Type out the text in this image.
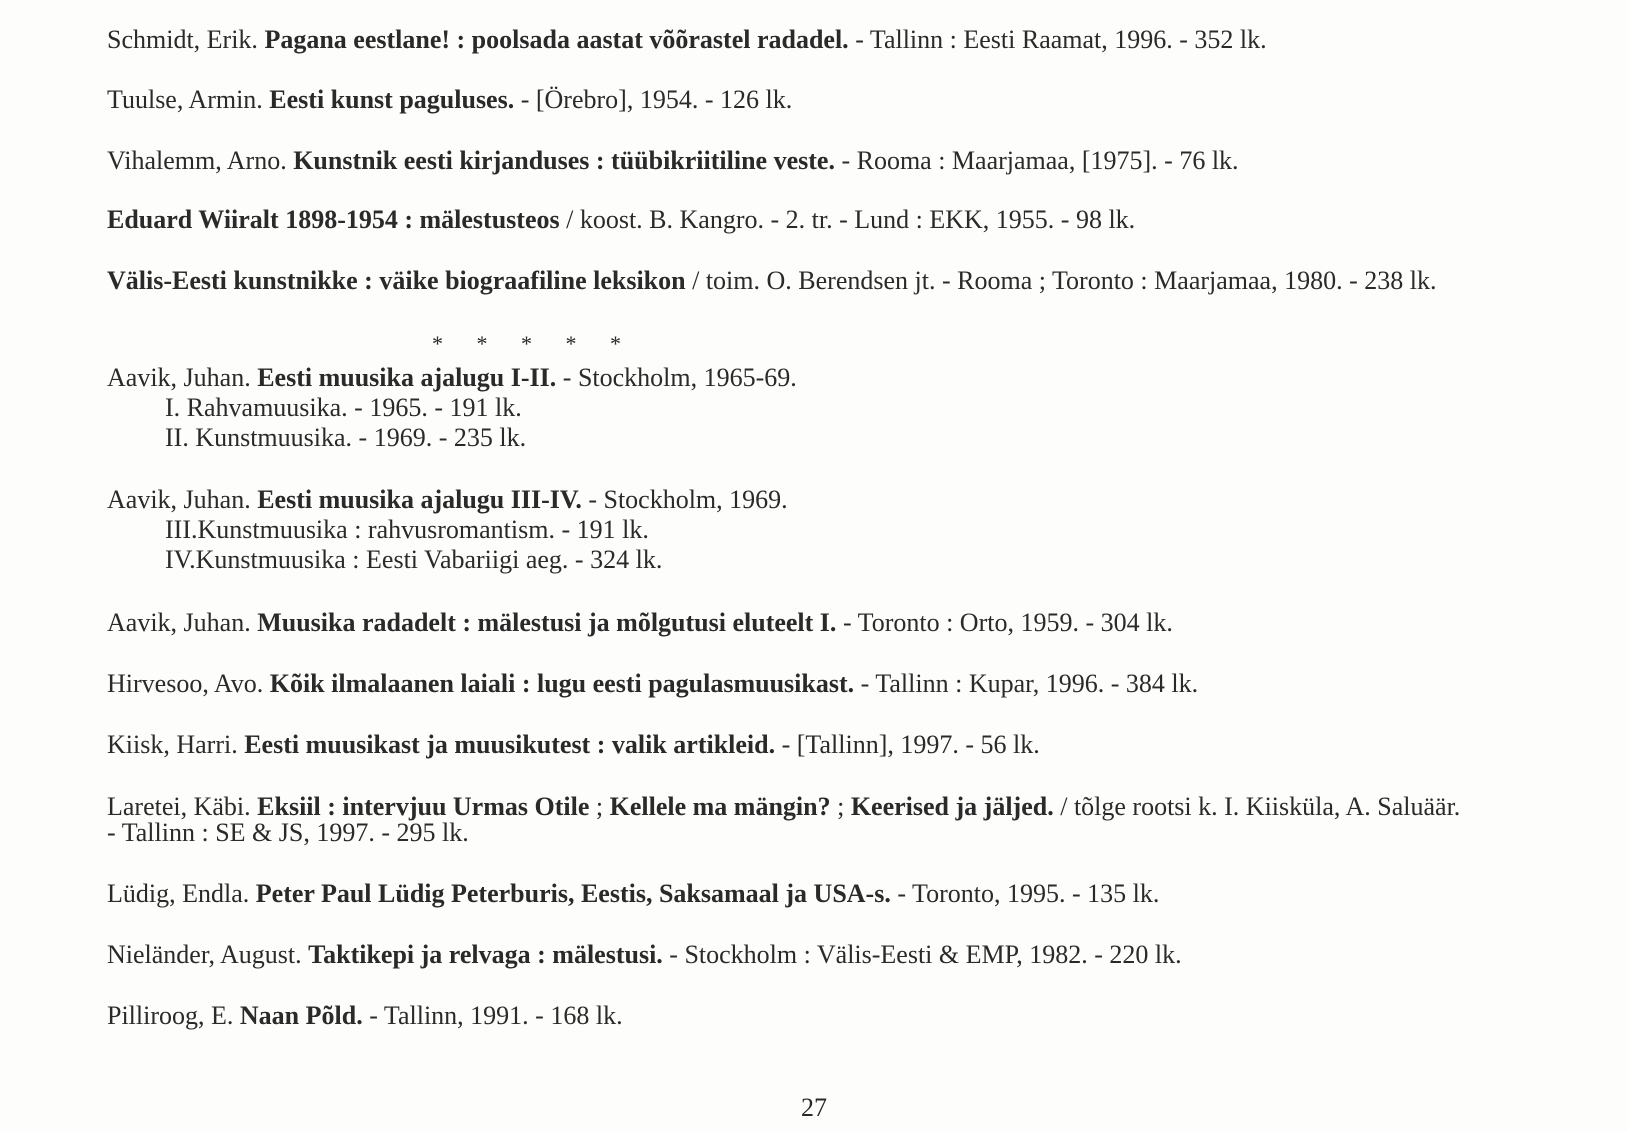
Schmidt, Erik. Pagana eestlane! : poolsada aastat võõrastel radadel. - Tallinn : Eesti Raamat, 1996. - 352 lk.
Tuulse, Armin. Eesti kunst paguluses. - [Örebro], 1954. - 126 lk.
Vihalemm, Arno. Kunstnik eesti kirjanduses : tüübikriitiline veste. - Rooma : Maarjamaa, [1975]. - 76 lk.
Eduard Wiiralt 1898-1954 : mälestusteos / koost. B. Kangro. - 2. tr. - Lund : EKK, 1955. - 98 lk.
Välis-Eesti kunstnikke : väike biograafiline leksikon / toim. O. Berendsen jt. - Rooma ; Toronto : Maarjamaa, 1980. - 238 lk.
* * * * *
Aavik, Juhan. Eesti muusika ajalugu I-II. - Stockholm, 1965-69.
I. Rahvamuusika. - 1965. - 191 lk.
II. Kunstmuusika. - 1969. - 235 lk.
Aavik, Juhan. Eesti muusika ajalugu III-IV. - Stockholm, 1969.
III.Kunstmuusika : rahvusromantism. - 191 lk.
IV.Kunstmuusika : Eesti Vabariigi aeg. - 324 lk.
Aavik, Juhan. Muusika radadelt : mälestusi ja mõlgutusi eluteelt I. - Toronto : Orto, 1959. - 304 lk.
Hirvesoo, Avo. Kõik ilmalaanen laiali : lugu eesti pagulasmuusikast. - Tallinn : Kupar, 1996. - 384 lk.
Kiisk, Harri. Eesti muusikast ja muusikutest : valik artikleid. - [Tallinn], 1997. - 56 lk.
Laretei, Käbi. Eksiil : intervjuu Urmas Otile ; Kellele ma mängin? ; Keerised ja jäljed. / tõlge rootsi k. I. Kiisküla, A. Saluäär.
- Tallinn : SE & JS, 1997. - 295 lk.
Lüdig, Endla. Peter Paul Lüdig Peterburis, Eestis, Saksamaal ja USA-s. - Toronto, 1995. - 135 lk.
Nieländer, August. Taktikepi ja relvaga : mälestusi. - Stockholm : Välis-Eesti & EMP, 1982. - 220 lk.
Pilliroog, E. Naan Põld. - Tallinn, 1991. - 168 lk.
27
